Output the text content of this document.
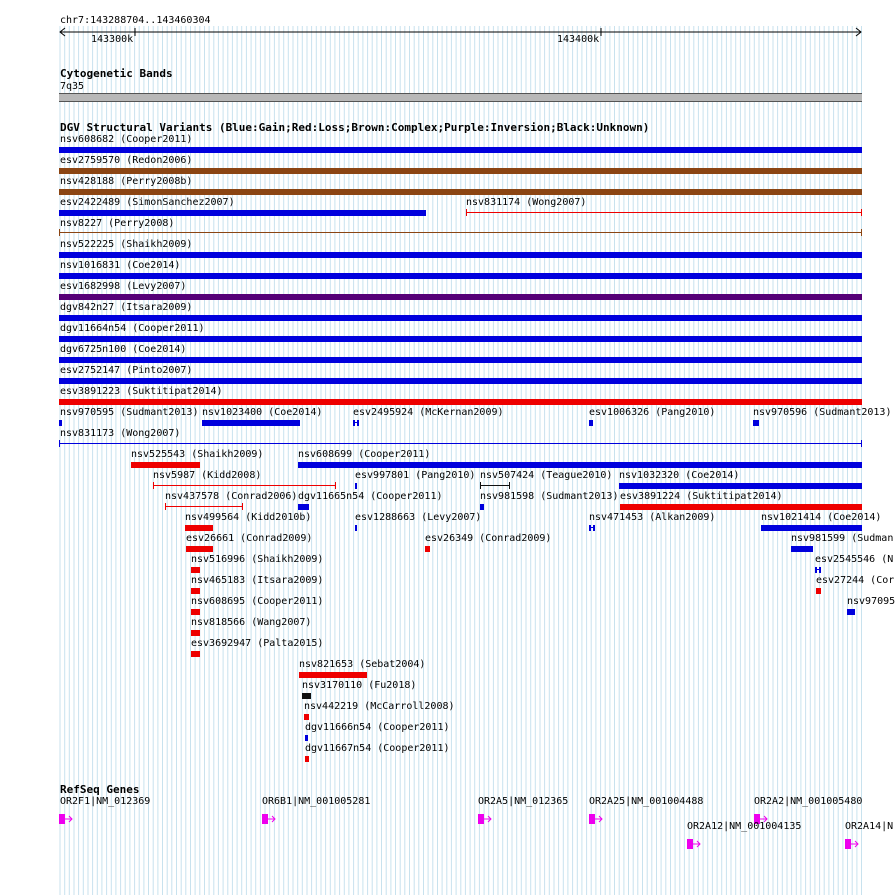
chr7:143288704..143460304
143300k	143400k
Cytogenetic Bands
7q35
DGV Structural Variants (Blue:Gain;Red:Loss;Brown:Complex;Purple:Inversion;Black:Unknown)
nsv608682 (Cooper2011)
esv2759570 (Redon2006)
nsv428188 (Perry2008b)
esv2422489 (SimonSanchez2007)	nsv831174 (Wong2007)
nsv8227 (Perry2008)
nsv522225 (Shaikh2009)
nsv1016831 (Coe2014)
esv1682998 (Levy2007)
dgv842n27 (Itsara2009)
dgv11664n54 (Cooper2011)
dgv6725n100 (Coe2014)
esv2752147 (Pinto2007)
esv3891223 (Suktitipat2014)
nsv970595 (Sudmant2013) nsv1023400 (Coe2014)	esv2495924 (McKernan2009)	esv1006326 (Pang2010)	nsv970596 (Sudmant2013)
nsv831173 (Wong2007)
nsv525543 (Shaikh2009)	nsv608699 (Cooper2011)
nsv5987 (Kidd2008)	esv997801 (Pang2010) nsv507424 (Teague2010) nsv1032320 (Coe2014)
nsv437578 (Conrad2006) dgv11665n54 (Cooper2011)	nsv981598 (Sudmant2013) esv3891224 (Suktitipat2014)
nsv499564 (Kidd2010b)	esv1288663 (Levy2007)	nsv471453 (Alkan2009)	nsv1021414 (Coe2014)
esv26661 (Conrad2009)	esv26349 (Conrad2009)	nsv981599 (Sudman
nsv516996 (Shaikh2009)	esv2545546 (N
nsv465183 (Itsara2009)	esv27244 (Cor
nsv608695 (Cooper2011)	nsv97095
nsv818566 (Wang2007)
esv3692947 (Palta2015)
nsv821653 (Sebat2004)
nsv3170110 (Fu2018)
nsv442219 (McCarroll2008)
dgv11666n54 (Cooper2011)
dgv11667n54 (Cooper2011)
RefSeq Genes
OR2F1|NM_012369	OR6B1|NM_001005281	OR2A5|NM_012365 OR2A25|NM_001004488	OR2A2|NM_001005480
OR2A12|NM_001004135	OR2A14|N
